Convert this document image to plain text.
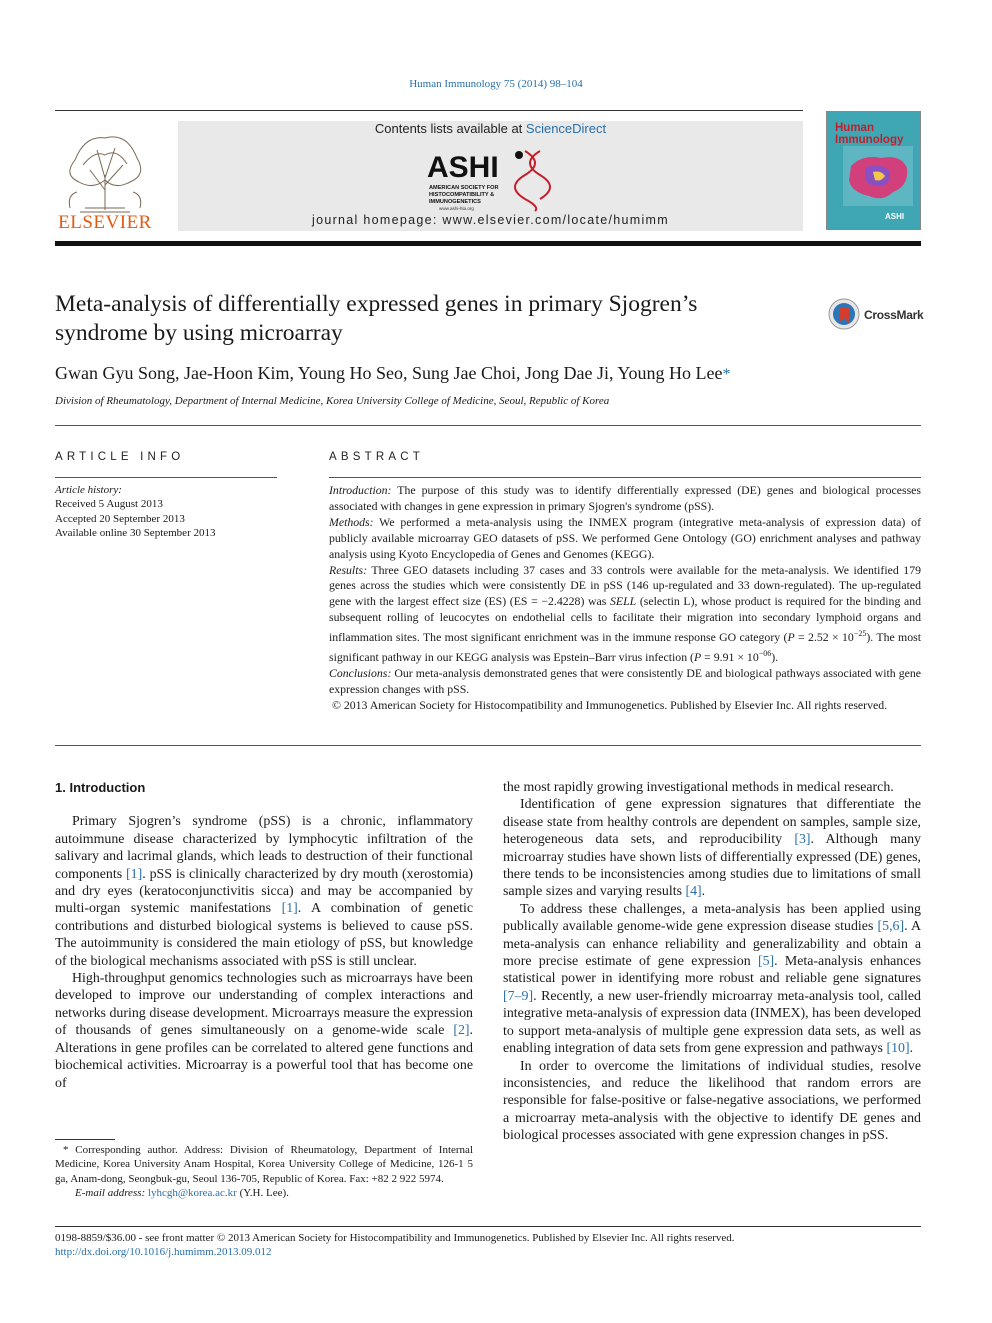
Human Immunology 75 (2014) 98–104
ELSEVIER
Contents lists available at ScienceDirect
ASHI
AMERICAN SOCIETY FOR
HISTOCOMPATIBILITY &
IMMUNOGENETICS
www.ashi-hla.org
journal homepage: www.elsevier.com/locate/humimm
Human Immunology
ASHI
Meta-analysis of differentially expressed genes in primary Sjogren’s syndrome by using microarray
CrossMark
Gwan Gyu Song, Jae-Hoon Kim, Young Ho Seo, Sung Jae Choi, Jong Dae Ji, Young Ho Lee*
Division of Rheumatology, Department of Internal Medicine, Korea University College of Medicine, Seoul, Republic of Korea
ARTICLE INFO
Article history:
Received 5 August 2013
Accepted 20 September 2013
Available online 30 September 2013
ABSTRACT

Introduction: The purpose of this study was to identify differentially expressed (DE) genes and biological processes associated with changes in gene expression in primary Sjogren's syndrome (pSS).

Methods: We performed a meta-analysis using the INMEX program (integrative meta-analysis of expression data) of publicly available microarray GEO datasets of pSS. We performed Gene Ontology (GO) enrichment analyses and pathway analysis using Kyoto Encyclopedia of Genes and Genomes (KEGG).

Results: Three GEO datasets including 37 cases and 33 controls were available for the meta-analysis. We identified 179 genes across the studies which were consistently DE in pSS (146 up-regulated and 33 down-regulated). The up-regulated gene with the largest effect size (ES) (ES = −2.4228) was SELL (selectin L), whose product is required for the binding and subsequent rolling of leucocytes on endothelial cells to facilitate their migration into secondary lymphoid organs and inflammation sites. The most significant enrichment was in the immune response GO category $(P = 2.52 \times 10^{-25})$. The most significant pathway in our KEGG analysis was Epstein–Barr virus infection $(P = 9.91 \times 10^{-06})$.

Conclusions: Our meta-analysis demonstrated genes that were consistently DE and biological pathways associated with gene expression changes with pSS.

© 2013 American Society for Histocompatibility and Immunogenetics. Published by Elsevier Inc. All rights reserved.

1. Introduction

Primary Sjogren’s syndrome (pSS) is a chronic, inflammatory autoimmune disease characterized by lymphocytic infiltration of the salivary and lacrimal glands, which leads to destruction of their functional components [1]. pSS is clinically characterized by dry mouth (xerostomia) and dry eyes (keratoconjunctivitis sicca) and may be accompanied by multi-organ systemic manifestations [1]. A combination of genetic contributions and disturbed biological systems is believed to cause pSS. The autoimmunity is considered the main etiology of pSS, but knowledge of the biological mechanisms associated with pSS is still unclear.

High-throughput genomics technologies such as microarrays have been developed to improve our understanding of complex interactions and networks during disease development. Microarrays measure the expression of thousands of genes simultaneously on a genome-wide scale [2]. Alterations in gene profiles can be correlated to altered gene functions and biochemical activities. Microarray is a powerful tool that has become one of

the most rapidly growing investigational methods in medical research.

Identification of gene expression signatures that differentiate the disease state from healthy controls are dependent on samples, sample size, heterogeneous data sets, and reproducibility [3]. Although many microarray studies have shown lists of differentially expressed (DE) genes, there tends to be inconsistencies among studies due to limitations of small sample sizes and varying results [4].

To address these challenges, a meta-analysis has been applied using publically available genome-wide gene expression disease studies [5,6]. A meta-analysis can enhance reliability and generalizability and obtain a more precise estimate of gene expression [5]. Meta-analysis enhances statistical power in identifying more robust and reliable gene signatures [7–9]. Recently, a new user-friendly microarray meta-analysis tool, called integrative meta-analysis of expression data (INMEX), has been developed to support meta-analysis of multiple gene expression data sets, as well as enabling integration of data sets from gene expression and pathways [10].

In order to overcome the limitations of individual studies, resolve inconsistencies, and reduce the likelihood that random errors are responsible for false-positive or false-negative associations, we performed a microarray meta-analysis with the objective to identify DE genes and biological processes associated with gene expression changes in pSS.

* Corresponding author. Address: Division of Rheumatology, Department of Internal Medicine, Korea University Anam Hospital, Korea University College of Medicine, 126-1 5 ga, Anam-dong, Seongbuk-gu, Seoul 136-705, Republic of Korea. Fax: +82 2 922 5974.
E-mail address: lyhcgh@korea.ac.kr (Y.H. Lee).
0198-8859/$36.00 - see front matter © 2013 American Society for Histocompatibility and Immunogenetics. Published by Elsevier Inc. All rights reserved.
http://dx.doi.org/10.1016/j.humimm.2013.09.012
